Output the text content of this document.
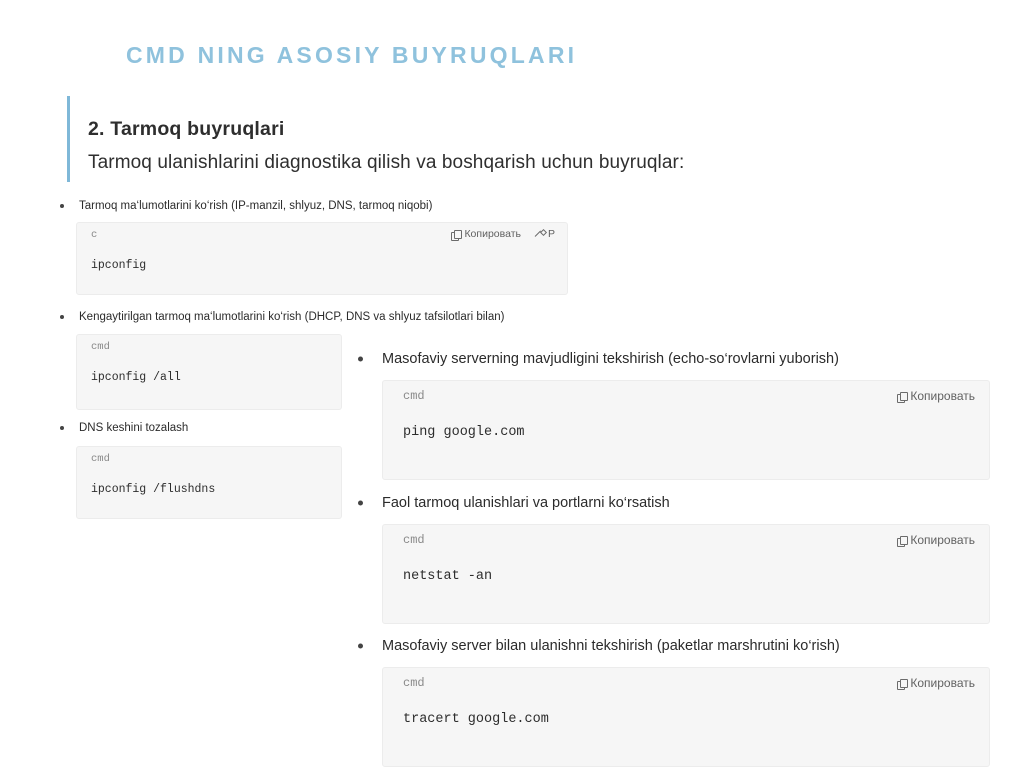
CMD NING ASOSIY BUYRUQLARI
2. Tarmoq buyruqlari
Tarmoq ulanishlarini diagnostika qilish va boshqarish uchun buyruqlar:
Tarmoq ma‘lumotlarini ko‘rish (IP-manzil, shlyuz, DNS, tarmoq niqobi)
c	Копировать	Р
ipconfig
Kengaytirilgan tarmoq ma‘lumotlarini ko‘rish (DHCP, DNS va shlyuz tafsilotlari bilan)
cmd
ipconfig /all
DNS keshini tozalash
cmd
ipconfig /flushdns
Masofaviy serverning mavjudligini tekshirish (echo-so‘rovlarni yuborish)
cmd	Копировать
ping google.com
Faol tarmoq ulanishlari va portlarni ko‘rsatish
cmd	Копировать
netstat -an
Masofaviy server bilan ulanishni tekshirish (paketlar marshrutini ko‘rish)
cmd	Копировать
tracert google.com
